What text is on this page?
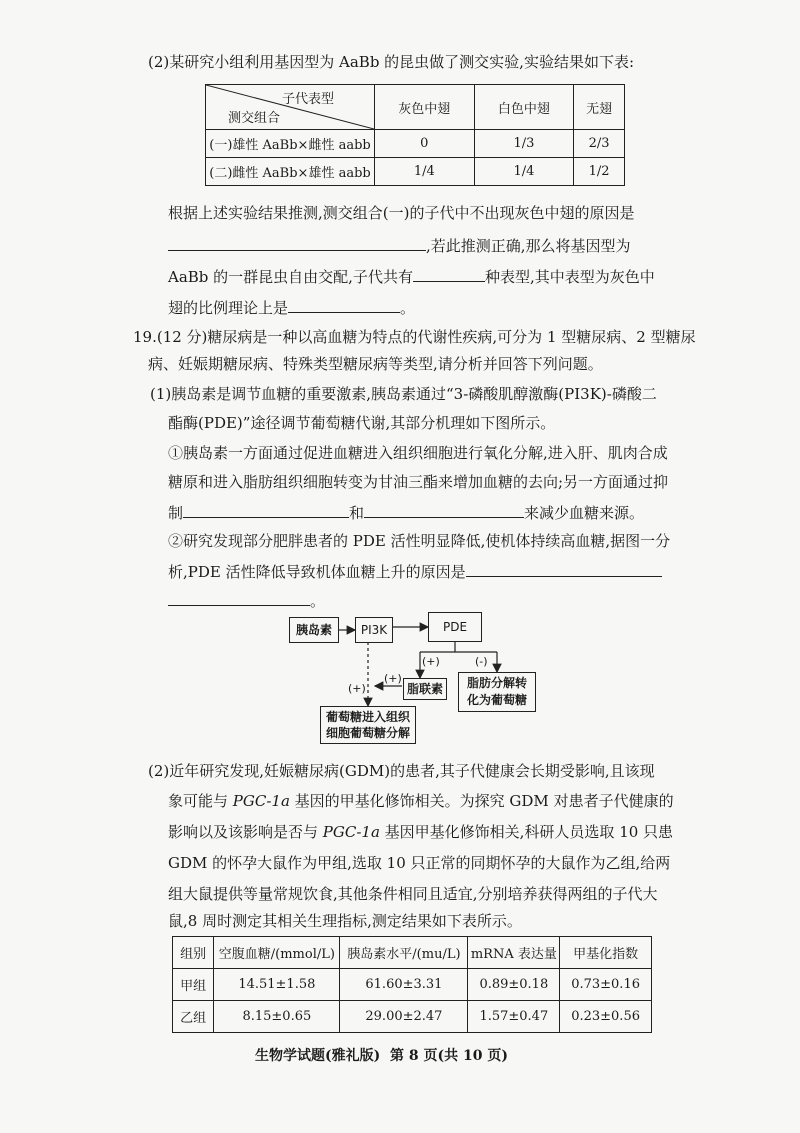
(2)某研究小组利用基因型为 AaBb 的昆虫做了测交实验,实验结果如下表:
子代表型
测交组合	灰色中翅	白色中翅	无翅
(一)雄性 AaBb×雌性 aabb	0	1/3	2/3
(二)雌性 AaBb×雄性 aabb	1/4	1/4	1/2
根据上述实验结果推测,测交组合(一)的子代中不出现灰色中翅的原因是
,若此推测正确,那么将基因型为
AaBb 的一群昆虫自由交配,子代共有	种表型,其中表型为灰色中
翅的比例理论上是	。
19.(12 分)糖尿病是一种以高血糖为特点的代谢性疾病,可分为 1 型糖尿病、2 型糖尿
病、妊娠期糖尿病、特殊类型糖尿病等类型,请分析并回答下列问题。
(1)胰岛素是调节血糖的重要激素,胰岛素通过“3-磷酸肌醇激酶(PI3K)-磷酸二
酯酶(PDE)”途径调节葡萄糖代谢,其部分机理如下图所示。
①胰岛素一方面通过促进血糖进入组织细胞进行氧化分解,进入肝、肌肉合成
糖原和进入脂肪组织细胞转变为甘油三酯来增加血糖的去向;另一方面通过抑
制	和	来减少血糖来源。
②研究发现部分肥胖患者的 PDE 活性明显降低,使机体持续高血糖,据图一分
析,PDE 活性降低导致机体血糖上升的原因是
。
胰岛素	PI3K	PDE
(+)	(-)
(+)
(+)	脂联素	脂肪分解转化为葡萄糖
葡萄糖进入组织细胞葡萄糖分解
(2)近年研究发现,妊娠糖尿病(GDM)的患者,其子代健康会长期受影响,且该现
象可能与 PGC-1a 基因的甲基化修饰相关。为探究 GDM 对患者子代健康的
影响以及该影响是否与 PGC-1a 基因甲基化修饰相关,科研人员选取 10 只患
GDM 的怀孕大鼠作为甲组,选取 10 只正常的同期怀孕的大鼠作为乙组,给两
组大鼠提供等量常规饮食,其他条件相同且适宜,分别培养获得两组的子代大
鼠,8 周时测定其相关生理指标,测定结果如下表所示。
组别	空腹血糖/(mmol/L)	胰岛素水平/(mu/L)	mRNA 表达量	甲基化指数
甲组	14.51±1.58	61.60±3.31	0.89±0.18	0.73±0.16
乙组	8.15±0.65	29.00±2.47	1.57±0.47	0.23±0.56
生物学试题(雅礼版)  第 8 页(共 10 页)
